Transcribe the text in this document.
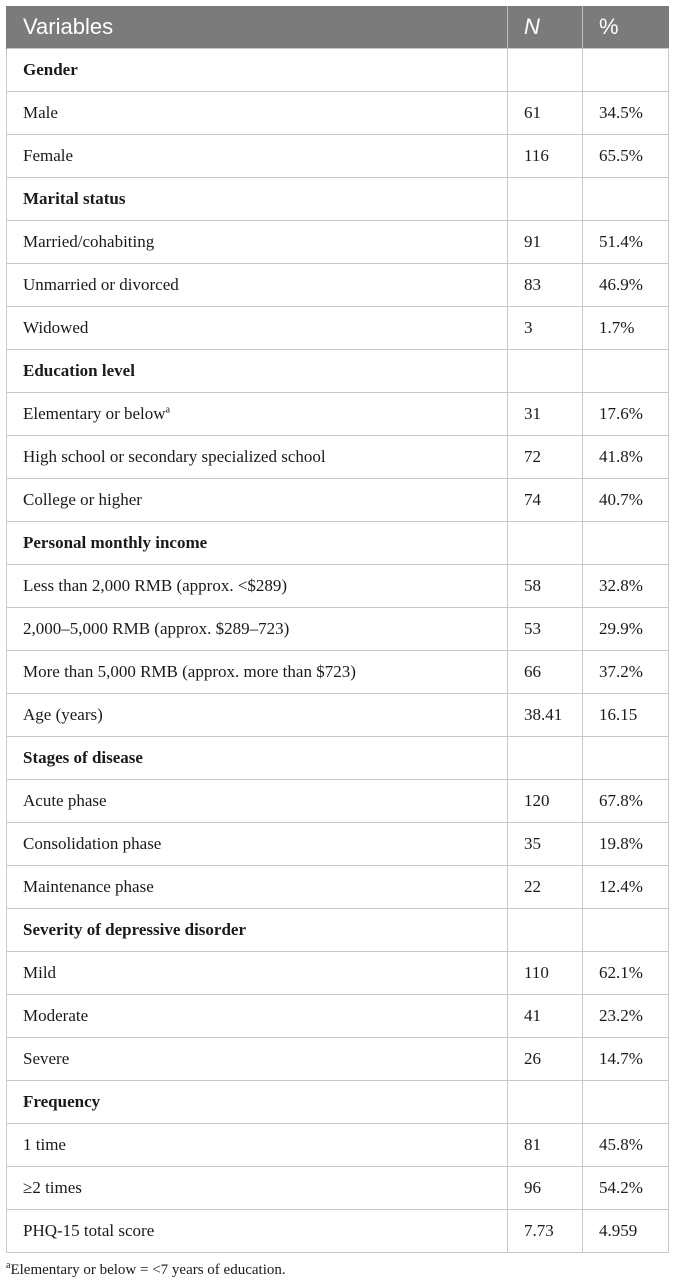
Variables	N	%
Gender		
Male	61	34.5%
Female	116	65.5%
Marital status		
Married/cohabiting	91	51.4%
Unmarried or divorced	83	46.9%
Widowed	3	1.7%
Education level		
Elementary or below$^a$	31	17.6%
High school or secondary specialized school	72	41.8%
College or higher	74	40.7%
Personal monthly income		
Less than 2,000 RMB (approx. <$289)	58	32.8%
2,000–5,000 RMB (approx. $289–723)	53	29.9%
More than 5,000 RMB (approx. more than $723)	66	37.2%
Age (years)	38.41	16.15
Stages of disease		
Acute phase	120	67.8%
Consolidation phase	35	19.8%
Maintenance phase	22	12.4%
Severity of depressive disorder		
Mild	110	62.1%
Moderate	41	23.2%
Severe	26	14.7%
Frequency		
1 time	81	45.8%
≥2 times	96	54.2%
PHQ-15 total score	7.73	4.959
$^a$Elementary or below = <7 years of education.
